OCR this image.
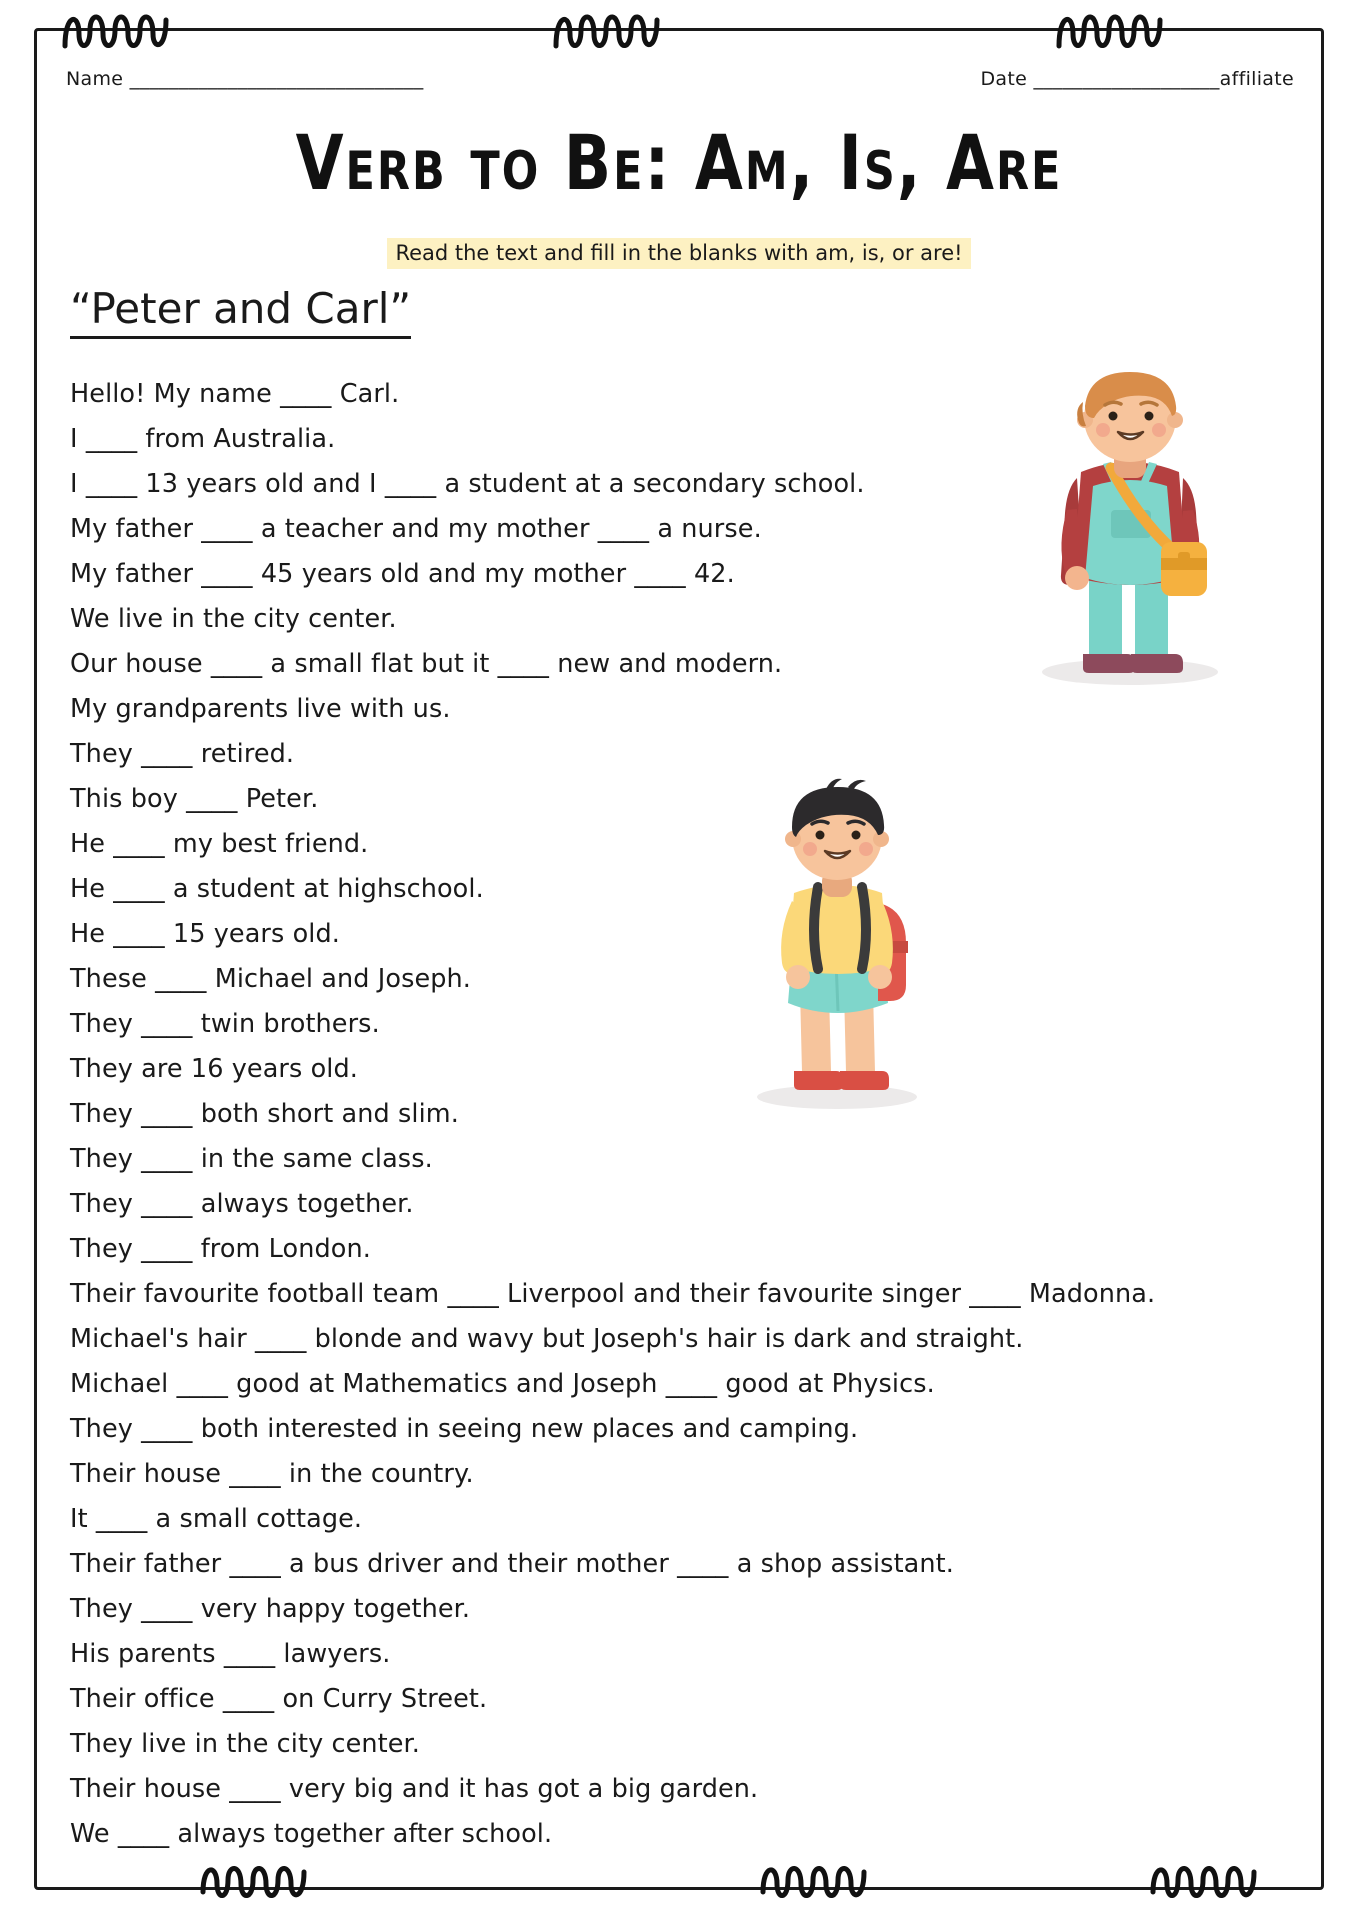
Name ______________________________	Date ___________________affiliate
Verb to Be: Am, Is, Are
Read the text and fill in the blanks with am, is, or are!
“Peter and Carl”
Hello! My name ____ Carl.
I ____ from Australia.
I ____ 13 years old and I ____ a student at a secondary school.
My father ____ a teacher and my mother ____ a nurse.
My father ____ 45 years old and my mother ____ 42.
We live in the city center.
Our house ____ a small flat but it ____ new and modern.
My grandparents live with us.
They ____ retired.
This boy ____ Peter.
He ____ my best friend.
He ____ a student at highschool.
He ____ 15 years old.
These ____ Michael and Joseph.
They ____ twin brothers.
They are 16 years old.
They ____ both short and slim.
They ____ in the same class.
They ____ always together.
They ____ from London.
Their favourite football team ____ Liverpool and their favourite singer ____ Madonna.
Michael's hair ____ blonde and wavy but Joseph's hair is dark and straight.
Michael ____ good at Mathematics and Joseph ____ good at Physics.
They ____ both interested in seeing new places and camping.
Their house ____ in the country.
It ____ a small cottage.
Their father ____ a bus driver and their mother ____ a shop assistant.
They ____ very happy together.
His parents ____ lawyers.
Their office ____ on Curry Street.
They live in the city center.
Their house ____ very big and it has got a big garden.
We ____ always together after school.
